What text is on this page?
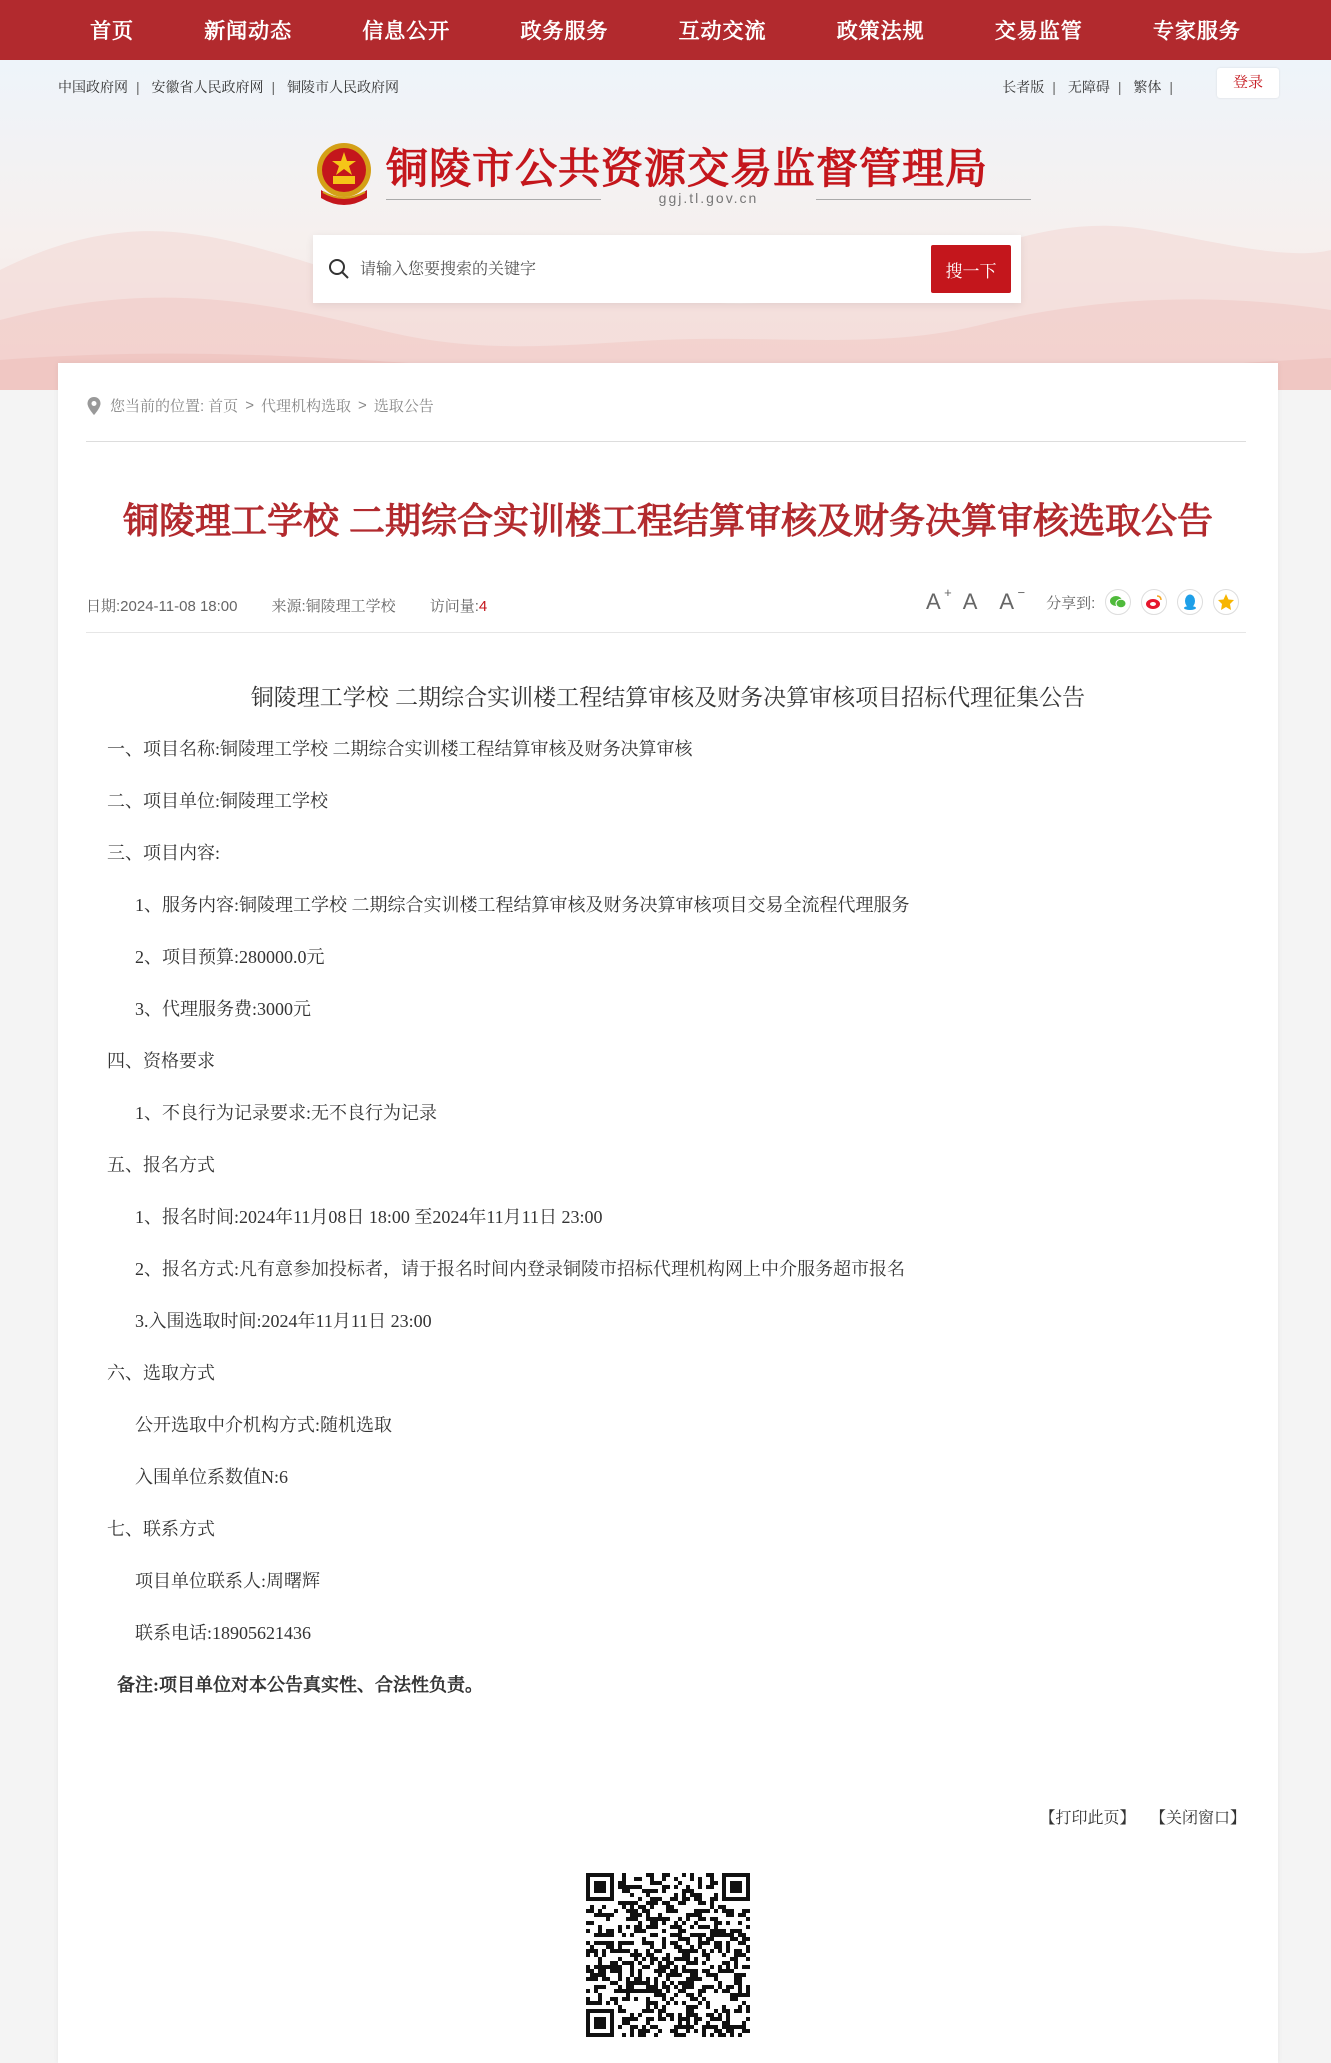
首页	新闻动态	信息公开	政务服务	互动交流	政策法规	交易监管	专家服务
中国政府网 | 安徽省人民政府网 | 铜陵市人民政府网	长者版 | 无障碍 | 繁体 |	登录
铜陵市公共资源交易监督管理局
ggj.tl.gov.cn
请输入您要搜索的关键字
搜一下
您当前的位置: 首页 > 代理机构选取 > 选取公告
铜陵理工学校 二期综合实训楼工程结算审核及财务决算审核选取公告
日期:2024-11-08 18:00 来源:铜陵理工学校 访问量:4	A + A A −
分享到:
铜陵理工学校 二期综合实训楼工程结算审核及财务决算审核项目招标代理征集公告
一、项目名称:铜陵理工学校 二期综合实训楼工程结算审核及财务决算审核
二、项目单位:铜陵理工学校
三、项目内容:
1、服务内容:铜陵理工学校 二期综合实训楼工程结算审核及财务决算审核项目交易全流程代理服务
2、项目预算:280000.0元
3、代理服务费:3000元
四、资格要求
1、不良行为记录要求:无不良行为记录
五、报名方式
1、报名时间:2024年11月08日 18:00 至2024年11月11日 23:00
2、报名方式:凡有意参加投标者，请于报名时间内登录铜陵市招标代理机构网上中介服务超市报名
3.入围选取时间:2024年11月11日 23:00
六、选取方式
公开选取中介机构方式:随机选取
入围单位系数值N:6
七、联系方式
项目单位联系人:周曙辉
联系电话:18905621436
备注:项目单位对本公告真实性、合法性负责。
【打印此页】 【关闭窗口】
